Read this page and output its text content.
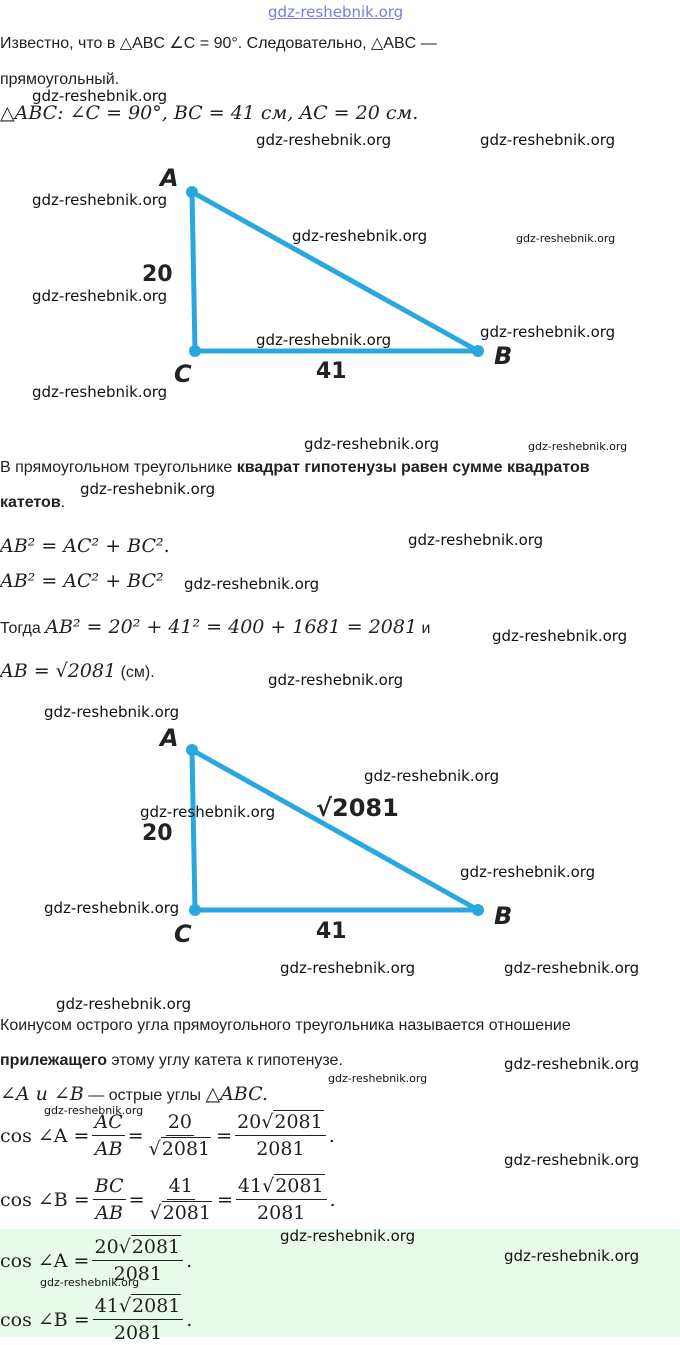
Известно, что в △ABC ∠C = 90°. Следовательно, △ABC —
прямоугольный.
△ABC: ∠C = 90°, BC = 41 см, AC = 20 см.
A
C
B
20
41
В прямоугольном треугольнике квадрат гипотенузы равен сумме квадратов
катетов.
AB² = AC² + BC².
AB² = AC² + BC²
Тогда AB² = 20² + 41² = 400 + 1681 = 2081 и
AB = √2081 (см).
A
C
B
20
41
√2081
Коинусом острого угла прямоугольного треугольника называется отношение
прилежащего этому углу катета к гипотенузе.
∠A и ∠B — острые углы △ABC.
cos ∠A = $\frac{AC}{AB} = \frac{20}{√2081} = \frac{20√2081}{2081}$ .
cos ∠B = $\frac{BC}{AB} = \frac{41}{√2081} = \frac{41√2081}{2081}$ .
cos ∠A = $\frac{20√2081}{2081}$ .
cos ∠B = $\frac{41√2081}{2081}$ .
gdz-reshebnik.org
gdz-reshebnik.org
gdz-reshebnik.org	gdz-reshebnik.org
gdz-reshebnik.org
gdz-reshebnik.org	gdz-reshebnik.org
gdz-reshebnik.org
gdz-reshebnik.org	gdz-reshebnik.org
gdz-reshebnik.org
gdz-reshebnik.org	gdz-reshebnik.org
gdz-reshebnik.org
gdz-reshebnik.org
gdz-reshebnik.org
gdz-reshebnik.org
gdz-reshebnik.org
gdz-reshebnik.org
gdz-reshebnik.org
gdz-reshebnik.org
gdz-reshebnik.org
gdz-reshebnik.org
gdz-reshebnik.org	gdz-reshebnik.org
gdz-reshebnik.org
gdz-reshebnik.org
gdz-reshebnik.org
gdz-reshebnik.org
gdz-reshebnik.org
gdz-reshebnik.org
gdz-reshebnik.org
gdz-reshebnik.org
